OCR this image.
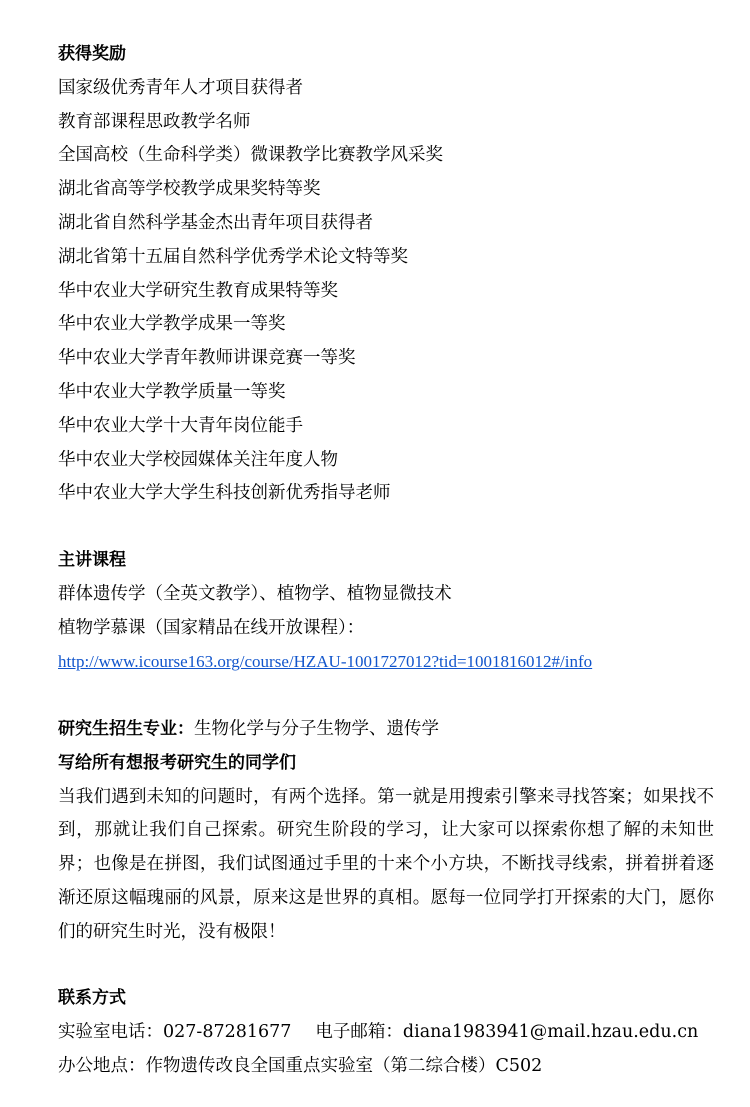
获得奖励

国家级优秀青年人才项目获得者

教育部课程思政教学名师

全国高校（生命科学类）微课教学比赛教学风采奖

湖北省高等学校教学成果奖特等奖

湖北省自然科学基金杰出青年项目获得者

湖北省第十五届自然科学优秀学术论文特等奖

华中农业大学研究生教育成果特等奖

华中农业大学教学成果一等奖

华中农业大学青年教师讲课竞赛一等奖

华中农业大学教学质量一等奖

华中农业大学十大青年岗位能手

华中农业大学校园媒体关注年度人物

华中农业大学大学生科技创新优秀指导老师

主讲课程

群体遗传学（全英文教学）、植物学、植物显微技术

植物学慕课（国家精品在线开放课程）：

http://www.icourse163.org/course/HZAU-1001727012?tid=1001816012#/info

研究生招生专业：生物化学与分子生物学、遗传学

写给所有想报考研究生的同学们

当我们遇到未知的问题时，有两个选择。第一就是用搜索引擎来寻找答案；如果找不到，那就让我们自己探索。研究生阶段的学习，让大家可以探索你想了解的未知世界；也像是在拼图，我们试图通过手里的十来个小方块，不断找寻线索，拼着拼着逐渐还原这幅瑰丽的风景，原来这是世界的真相。愿每一位同学打开探索的大门，愿你们的研究生时光，没有极限！

联系方式

实验室电话：027-87281677 电子邮箱：diana1983941@mail.hzau.edu.cn

办公地点：作物遗传改良全国重点实验室（第二综合楼）C502
